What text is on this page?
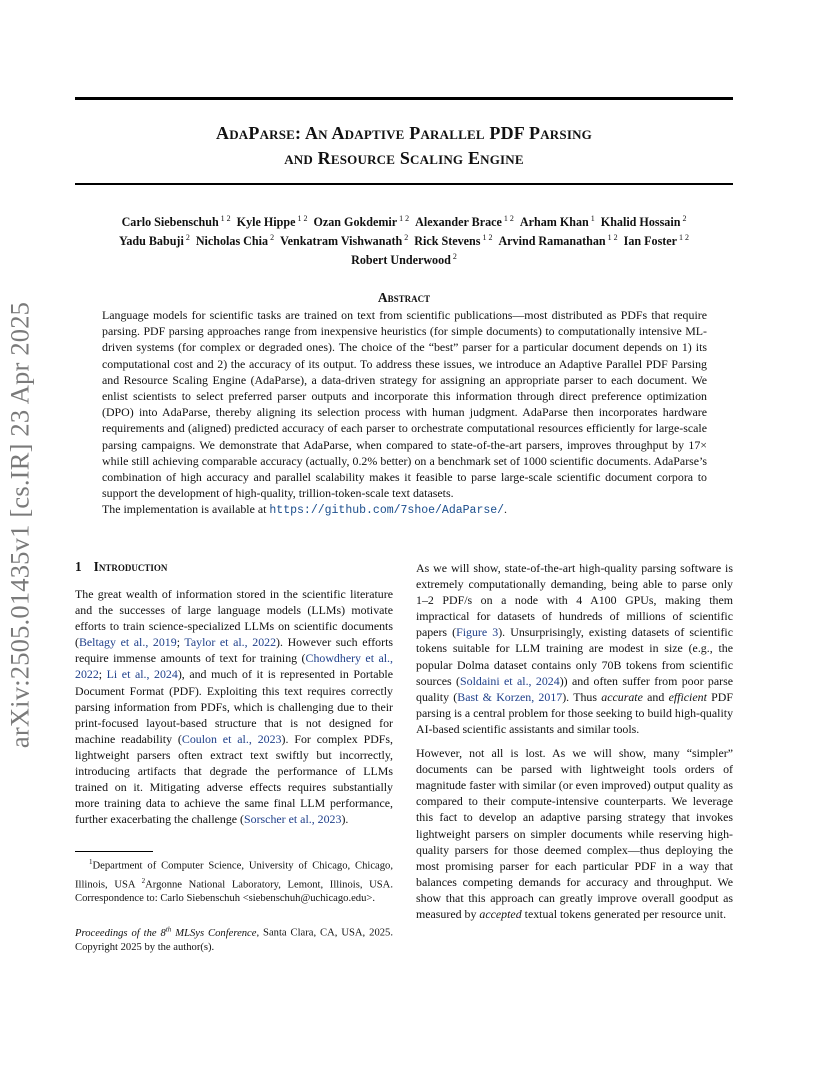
arXiv:2505.01435v1 [cs.IR] 23 Apr 2025
AdaParse: An Adaptive Parallel PDF Parsing
and Resource Scaling Engine
Carlo Siebenschuh $^{1 2}$ Kyle Hippe $^{1 2}$ Ozan Gokdemir $^{1 2}$ Alexander Brace $^{1 2}$ Arham Khan $^1$ Khalid Hossain $^2$
Yadu Babuji $^2$ Nicholas Chia $^2$ Venkatram Vishwanath $^2$ Rick Stevens $^{1 2}$ Arvind Ramanathan $^{1 2}$ Ian Foster $^{1 2}$
Robert Underwood $^2$
Abstract

Language models for scientific tasks are trained on text from scientific publications—most distributed as PDFs that require parsing. PDF parsing approaches range from inexpensive heuristics (for simple documents) to computationally intensive ML-driven systems (for complex or degraded ones). The choice of the “best” parser for a particular document depends on 1) its computational cost and 2) the accuracy of its output. To address these issues, we introduce an Adaptive Parallel PDF Parsing and Resource Scaling Engine (AdaParse), a data-driven strategy for assigning an appropriate parser to each document. We enlist scientists to select preferred parser outputs and incorporate this information through direct preference optimization (DPO) into AdaParse, thereby aligning its selection process with human judgment. AdaParse then incorporates hardware requirements and (aligned) predicted accuracy of each parser to orchestrate computational resources efficiently for large-scale parsing campaigns. We demonstrate that AdaParse, when compared to state-of-the-art parsers, improves throughput by 17× while still achieving comparable accuracy (actually, 0.2% better) on a benchmark set of 1000 scientific documents. AdaParse’s combination of high accuracy and parallel scalability makes it feasible to parse large-scale scientific document corpora to support the development of high-quality, trillion-token-scale text datasets.

The implementation is available at https://github.com/7shoe/AdaParse/.

1 Introduction

The great wealth of information stored in the scientific literature and the successes of large language models (LLMs) motivate efforts to train science-specialized LLMs on scientific documents (Beltagy et al., 2019; Taylor et al., 2022). However such efforts require immense amounts of text for training (Chowdhery et al., 2022; Li et al., 2024), and much of it is represented in Portable Document Format (PDF). Exploiting this text requires correctly parsing information from PDFs, which is challenging due to their print-focused layout-based structure that is not designed for machine readability (Coulon et al., 2023). For complex PDFs, lightweight parsers often extract text swiftly but incorrectly, introducing artifacts that degrade the performance of LLMs trained on it. Mitigating adverse effects requires substantially more training data to achieve the same final LLM performance, further exacerbating the challenge (Sorscher et al., 2023).

$^1$Department of Computer Science, University of Chicago, Chicago, Illinois, USA $^2$Argonne National Laboratory, Lemont, Illinois, USA. Correspondence to: Carlo Siebenschuh <siebenschuh@uchicago.edu>.
Proceedings of the 8th MLSys Conference, Santa Clara, CA, USA, 2025. Copyright 2025 by the author(s).

As we will show, state-of-the-art high-quality parsing software is extremely computationally demanding, being able to parse only 1–2 PDF/s on a node with 4 A100 GPUs, making them impractical for datasets of hundreds of millions of scientific papers (Figure 3). Unsurprisingly, existing datasets of scientific tokens suitable for LLM training are modest in size (e.g., the popular Dolma dataset contains only 70B tokens from scientific sources (Soldaini et al., 2024)) and often suffer from poor parse quality (Bast & Korzen, 2017). Thus accurate and efficient PDF parsing is a central problem for those seeking to build high-quality AI-based scientific assistants and similar tools.

However, not all is lost. As we will show, many “simpler” documents can be parsed with lightweight tools orders of magnitude faster with similar (or even improved) output quality as compared to their compute-intensive counterparts. We leverage this fact to develop an adaptive parsing strategy that invokes lightweight parsers on simpler documents while reserving high-quality parsers for those deemed complex—thus deploying the most promising parser for each particular PDF in a way that balances competing demands for accuracy and throughput. We show that this approach can greatly improve overall goodput as measured by accepted textual tokens generated per resource unit.
